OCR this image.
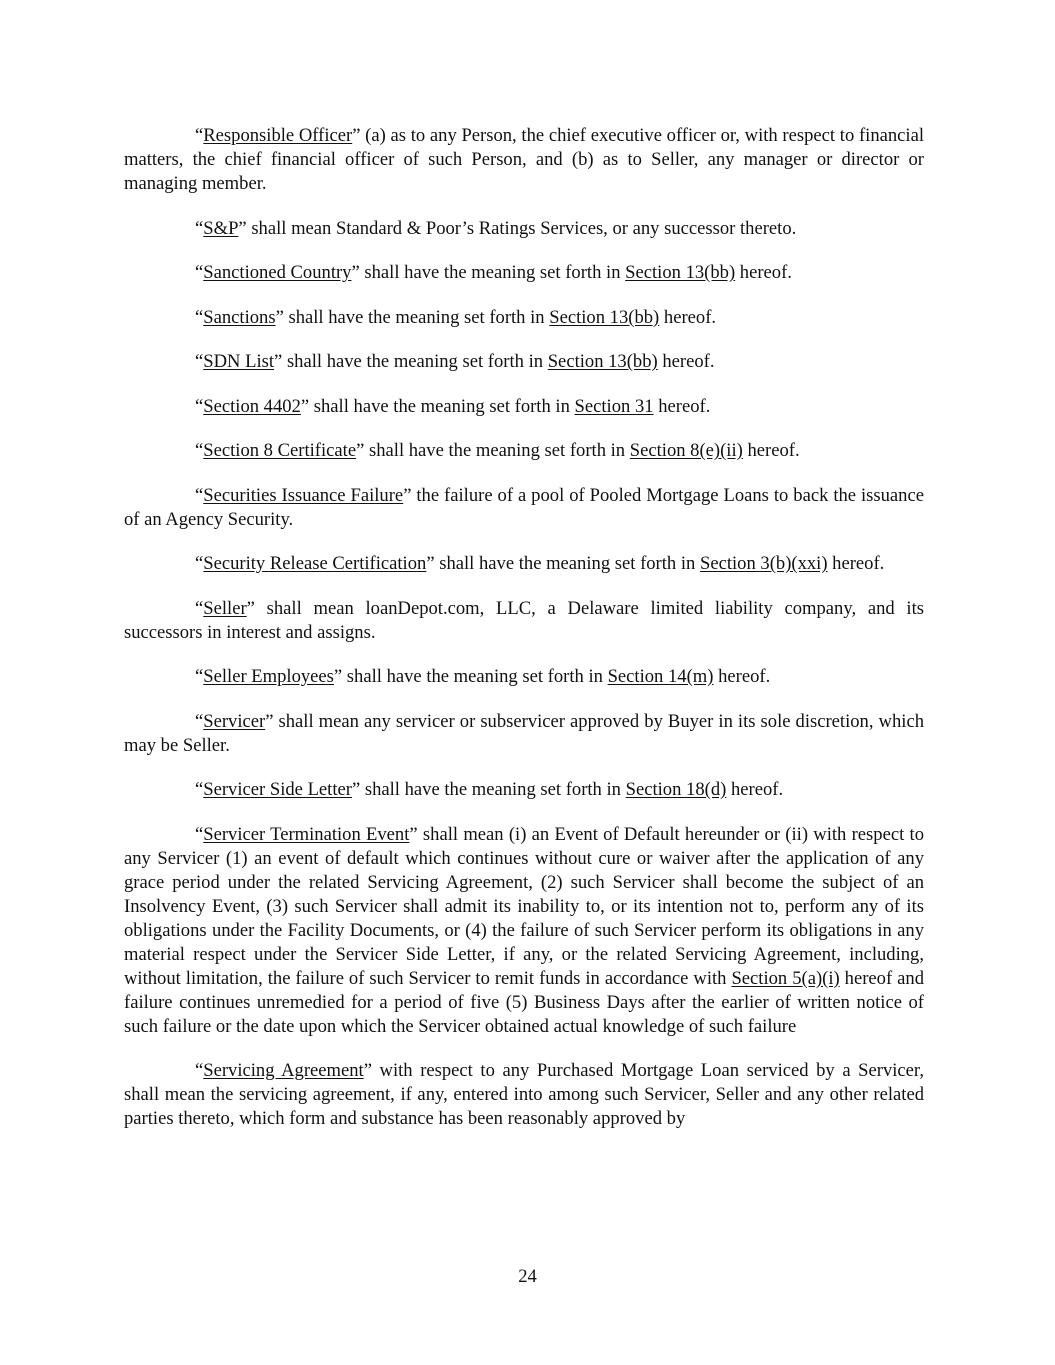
“Responsible Officer” (a) as to any Person, the chief executive officer or, with respect to financial matters, the chief financial officer of such Person, and (b) as to Seller, any manager or director or managing member.

“S&P” shall mean Standard & Poor’s Ratings Services, or any successor thereto.

“Sanctioned Country” shall have the meaning set forth in Section 13(bb) hereof.

“Sanctions” shall have the meaning set forth in Section 13(bb) hereof.

“SDN List” shall have the meaning set forth in Section 13(bb) hereof.

“Section 4402” shall have the meaning set forth in Section 31 hereof.

“Section 8 Certificate” shall have the meaning set forth in Section 8(e)(ii) hereof.

“Securities Issuance Failure” the failure of a pool of Pooled Mortgage Loans to back the issuance of an Agency Security.

“Security Release Certification” shall have the meaning set forth in Section 3(b)(xxi) hereof.

“Seller” shall mean loanDepot.com, LLC, a Delaware limited liability company, and its successors in interest and assigns.

“Seller Employees” shall have the meaning set forth in Section 14(m) hereof.

“Servicer” shall mean any servicer or subservicer approved by Buyer in its sole discretion, which may be Seller.

“Servicer Side Letter” shall have the meaning set forth in Section 18(d) hereof.

“Servicer Termination Event” shall mean (i) an Event of Default hereunder or (ii) with respect to any Servicer (1) an event of default which continues without cure or waiver after the application of any grace period under the related Servicing Agreement, (2) such Servicer shall become the subject of an Insolvency Event, (3) such Servicer shall admit its inability to, or its intention not to, perform any of its obligations under the Facility Documents, or (4) the failure of such Servicer perform its obligations in any material respect under the Servicer Side Letter, if any, or the related Servicing Agreement, including, without limitation, the failure of such Servicer to remit funds in accordance with Section 5(a)(i) hereof and failure continues unremedied for a period of five (5) Business Days after the earlier of written notice of such failure or the date upon which the Servicer obtained actual knowledge of such failure

“Servicing Agreement” with respect to any Purchased Mortgage Loan serviced by a Servicer, shall mean the servicing agreement, if any, entered into among such Servicer, Seller and any other related parties thereto, which form and substance has been reasonably approved by

24
